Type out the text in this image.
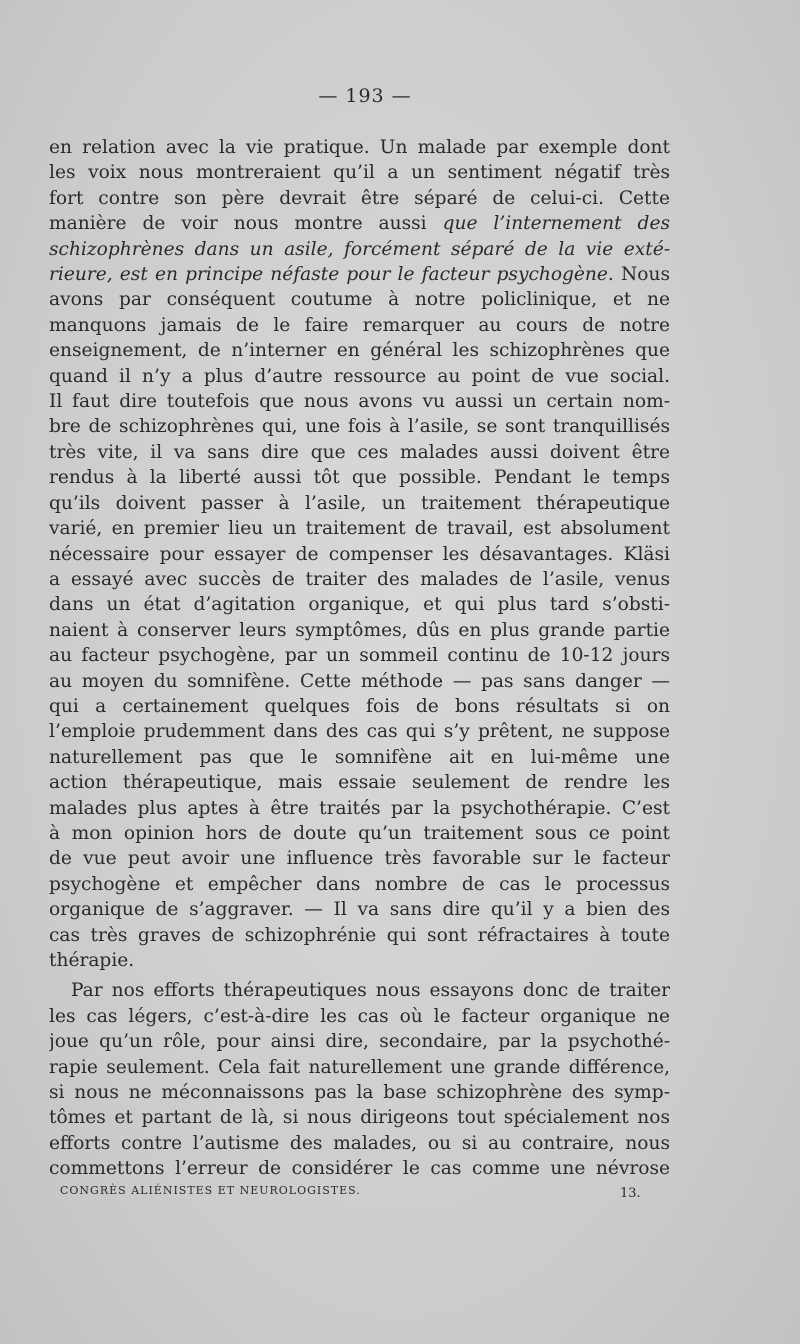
— 193 —
en relation avec la vie pratique. Un malade par exemple dont
les voix nous montreraient qu’il a un sentiment négatif très
fort contre son père devrait être séparé de celui-ci. Cette
manière de voir nous montre aussi que l’internement des
schizophrènes dans un asile, forcément séparé de la vie exté-
rieure, est en principe néfaste pour le facteur psychogène. Nous
avons par conséquent coutume à notre policlinique, et ne
manquons jamais de le faire remarquer au cours de notre
enseignement, de n’interner en général les schizophrènes que
quand il n’y a plus d’autre ressource au point de vue social.
Il faut dire toutefois que nous avons vu aussi un certain nom-
bre de schizophrènes qui, une fois à l’asile, se sont tranquillisés
très vite, il va sans dire que ces malades aussi doivent être
rendus à la liberté aussi tôt que possible. Pendant le temps
qu’ils doivent passer à l’asile, un traitement thérapeutique
varié, en premier lieu un traitement de travail, est absolument
nécessaire pour essayer de compenser les désavantages. Kläsi
a essayé avec succès de traiter des malades de l’asile, venus
dans un état d’agitation organique, et qui plus tard s’obsti-
naient à conserver leurs symptômes, dûs en plus grande partie
au facteur psychogène, par un sommeil continu de 10-12 jours
au moyen du somnifène. Cette méthode — pas sans danger —
qui a certainement quelques fois de bons résultats si on
l’emploie prudemment dans des cas qui s’y prêtent, ne suppose
naturellement pas que le somnifène ait en lui-même une
action thérapeutique, mais essaie seulement de rendre les
malades plus aptes à être traités par la psychothérapie. C’est
à mon opinion hors de doute qu’un traitement sous ce point
de vue peut avoir une influence très favorable sur le facteur
psychogène et empêcher dans nombre de cas le processus
organique de s’aggraver. — Il va sans dire qu’il y a bien des
cas très graves de schizophrénie qui sont réfractaires à toute
thérapie.
Par nos efforts thérapeutiques nous essayons donc de traiter
les cas légers, c’est-à-dire les cas où le facteur organique ne
joue qu’un rôle, pour ainsi dire, secondaire, par la psychothé-
rapie seulement. Cela fait naturellement une grande différence,
si nous ne méconnaissons pas la base schizophrène des symp-
tômes et partant de là, si nous dirigeons tout spécialement nos
efforts contre l’autisme des malades, ou si au contraire, nous
commettons l’erreur de considérer le cas comme une névrose
CONGRÈS ALIÉNISTES ET NEUROLOGISTES.	13.
